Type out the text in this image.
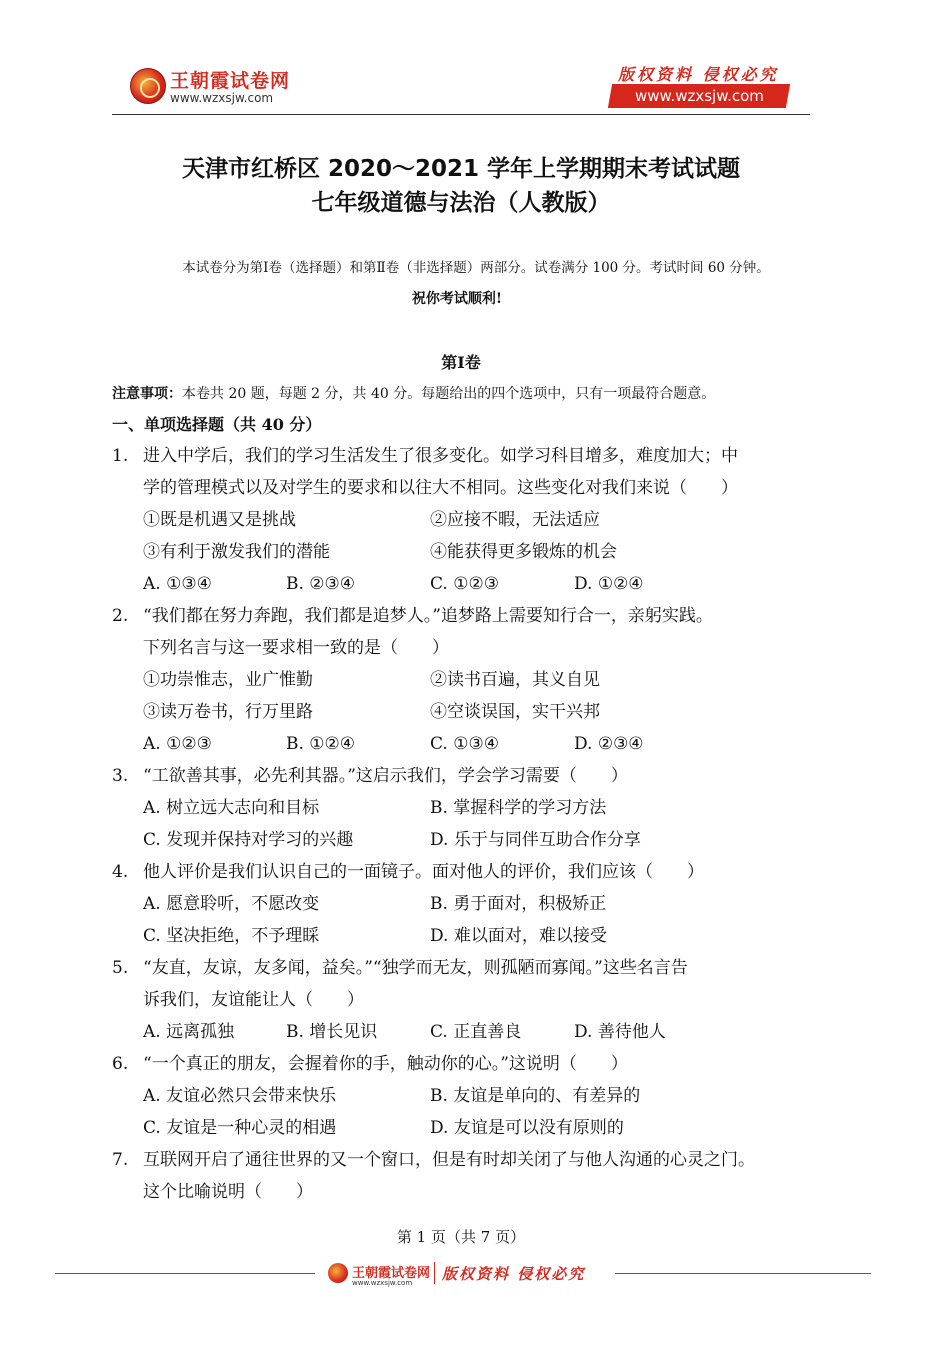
王朝霞试卷网
www.wzxsjw.com
版权资料 侵权必究
www.wzxsjw.com
天津市红桥区 2020～2021 学年上学期期末考试试题
七年级道德与法治（人教版）
本试卷分为第Ⅰ卷（选择题）和第Ⅱ卷（非选择题）两部分。试卷满分 100 分。考试时间 60 分钟。
祝你考试顺利!
第Ⅰ卷
注意事项：本卷共 20 题，每题 2 分，共 40 分。每题给出的四个选项中，只有一项最符合题意。
一、单项选择题（共 40 分）
1. 进入中学后，我们的学习生活发生了很多变化。如学习科目增多，难度加大；中
学的管理模式以及对学生的要求和以往大不相同。这些变化对我们来说（　　）
①既是机遇又是挑战	②应接不暇，无法适应
③有利于激发我们的潜能	④能获得更多锻炼的机会
A. ①③④	B. ②③④	C. ①②③	D. ①②④
2. “我们都在努力奔跑，我们都是追梦人。”追梦路上需要知行合一，亲躬实践。
下列名言与这一要求相一致的是（　　）
①功崇惟志，业广惟勤	②读书百遍，其义自见
③读万卷书，行万里路	④空谈误国，实干兴邦
A. ①②③	B. ①②④	C. ①③④	D. ②③④
3. “工欲善其事，必先利其器。”这启示我们，学会学习需要（　　）
A. 树立远大志向和目标	B. 掌握科学的学习方法
C. 发现并保持对学习的兴趣	D. 乐于与同伴互助合作分享
4. 他人评价是我们认识自己的一面镜子。面对他人的评价，我们应该（　　）
A. 愿意聆听，不愿改变	B. 勇于面对，积极矫正
C. 坚决拒绝，不予理睬	D. 难以面对，难以接受
5. “友直，友谅，友多闻，益矣。”“独学而无友，则孤陋而寡闻。”这些名言告
诉我们，友谊能让人（　　）
A. 远离孤独	B. 增长见识	C. 正直善良	D. 善待他人
6. “一个真正的朋友，会握着你的手，触动你的心。”这说明（　　）
A. 友谊必然只会带来快乐	B. 友谊是单向的、有差异的
C. 友谊是一种心灵的相遇	D. 友谊是可以没有原则的
7. 互联网开启了通往世界的又一个窗口，但是有时却关闭了与他人沟通的心灵之门。
这个比喻说明（　　）
第 1 页（共 7 页）
王朝霞试卷网
www.wzxsjw.com 版权资料 侵权必究
